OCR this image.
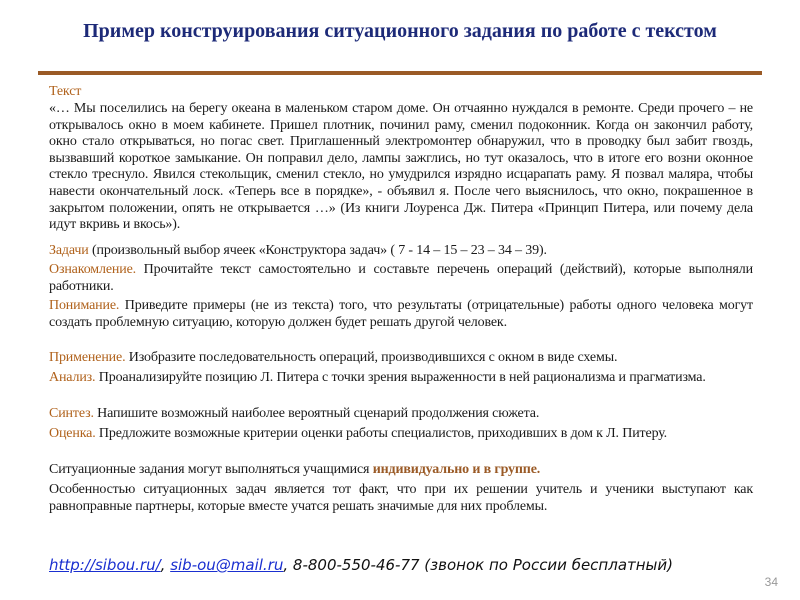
Пример конструирования ситуационного задания по работе с текстом
Текст
«… Мы поселились на берегу океана в маленьком старом доме. Он отчаянно нуждался в ремонте. Среди прочего – не открывалось окно в моем кабинете. Пришел плотник, починил раму, сменил подоконник. Когда он закончил работу, окно стало открываться, но погас свет. Приглашенный электромонтер обнаружил, что в проводку был забит гвоздь, вызвавший короткое замыкание. Он поправил дело, лампы зажглись, но тут оказалось, что в итоге его возни оконное стекло треснуло. Явился стекольщик, сменил стекло, но умудрился изрядно исцарапать раму. Я позвал маляра, чтобы навести окончательный лоск. «Теперь все в порядке», - объявил я. После чего выяснилось, что окно, покрашенное в закрытом положении, опять не открывается …» (Из книги Лоуренса Дж. Питера «Принцип Питера, или почему дела идут вкривь и вкось»).
Задачи (произвольный выбор ячеек «Конструктора задач» ( 7 - 14 – 15 – 23 – 34 – 39).
Ознакомление. Прочитайте текст самостоятельно и составьте перечень операций (действий), которые выполняли работники.
Понимание. Приведите примеры (не из текста) того, что результаты (отрицательные) работы одного человека могут создать проблемную ситуацию, которую должен будет решать другой человек.
Применение. Изобразите последовательность операций, производившихся с окном в виде схемы.
Анализ. Проанализируйте позицию Л. Питера с точки зрения выраженности в ней рационализма и прагматизма.
Синтез. Напишите возможный наиболее вероятный сценарий продолжения сюжета.
Оценка. Предложите возможные критерии оценки работы специалистов, приходивших в дом к Л. Питеру.
Ситуационные задания могут выполняться учащимися индивидуально и в группе.
Особенностью ситуационных задач является тот факт, что при их решении учитель и ученики выступают как равноправные партнеры, которые вместе учатся решать значимые для них проблемы.
http://sibou.ru/, sib-ou@mail.ru, 8-800-550-46-77 (звонок по России бесплатный)
34
